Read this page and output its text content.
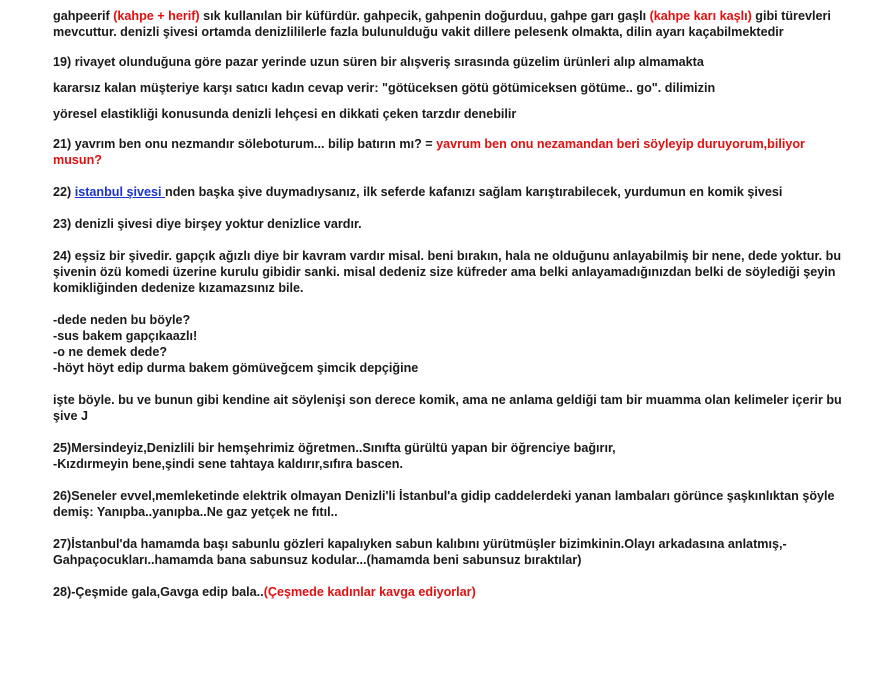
gahpeerif (kahpe + herif) sık kullanılan bir küfürdür. gahpecik, gahpenin doğurduu, gahpe garı gaşlı (kahpe karı kaşlı) gibi türevleri mevcuttur. denizli şivesi ortamda denizlililerle fazla bulunulduğu vakit dillere pelesenk olmakta, dilin ayarı kaçabilmektedir

19) rivayet olunduğuna göre pazar yerinde uzun süren bir alışveriş sırasında güzelim ürünleri alıp almamakta

kararsız kalan müşteriye karşı satıcı kadın cevap verir: "götüceksen götü götümiceksen götüme.. go". dilimizin

yöresel elastikliği konusunda denizli lehçesi en dikkati çeken tarzdır denebilir

21) yavrım ben onu nezmandır söleboturum... bilip batırın mı? = yavrum ben onu nezamandan beri söyleyip duruyorum,biliyor musun?

22) istanbul şivesi nden başka şive duymadıysanız, ilk seferde kafanızı sağlam karıştırabilecek, yurdumun en komik şivesi

23) denizli şivesi diye birşey yoktur denizlice vardır.

24) eşsiz bir şivedir. gapçık ağızlı diye bir kavram vardır misal. beni bırakın, hala ne olduğunu anlayabilmiş bir nene, dede yoktur. bu şivenin özü komedi üzerine kurulu gibidir sanki. misal dedeniz size küfreder ama belki anlayamadığınızdan belki de söylediği şeyin komikliğinden dedenize kızamazsınız bile.

-dede neden bu böyle?

-sus bakem gapçıkaazlı!

-o ne demek dede?

-höyt höyt edip durma bakem gömüveğcem şimcik depçiğine

işte böyle. bu ve bunun gibi kendine ait söylenişi son derece komik, ama ne anlama geldiği tam bir muamma olan kelimeler içerir bu şive J

25)Mersindeyiz,Denizlili bir hemşehrimiz öğretmen..Sınıfta gürültü yapan bir öğrenciye bağırır,

-Kızdırmeyin bene,şindi sene tahtaya kaldırır,sıfıra bascen.

26)Seneler evvel,memleketinde elektrik olmayan Denizli'li İstanbul'a gidip caddelerdeki yanan lambaları görünce şaşkınlıktan şöyle demiş: Yanıpba..yanıpba..Ne gaz yetçek ne fıtıl..

27)İstanbul'da hamamda başı sabunlu gözleri kapalıyken sabun kalıbını yürütmüşler bizimkinin.Olayı arkadasına anlatmış,-Gahpaçocukları..hamamda bana sabunsuz kodular...(hamamda beni sabunsuz bıraktılar)

28)-Çeşmide gala,Gavga edip bala..(Çeşmede kadınlar kavga ediyorlar)
